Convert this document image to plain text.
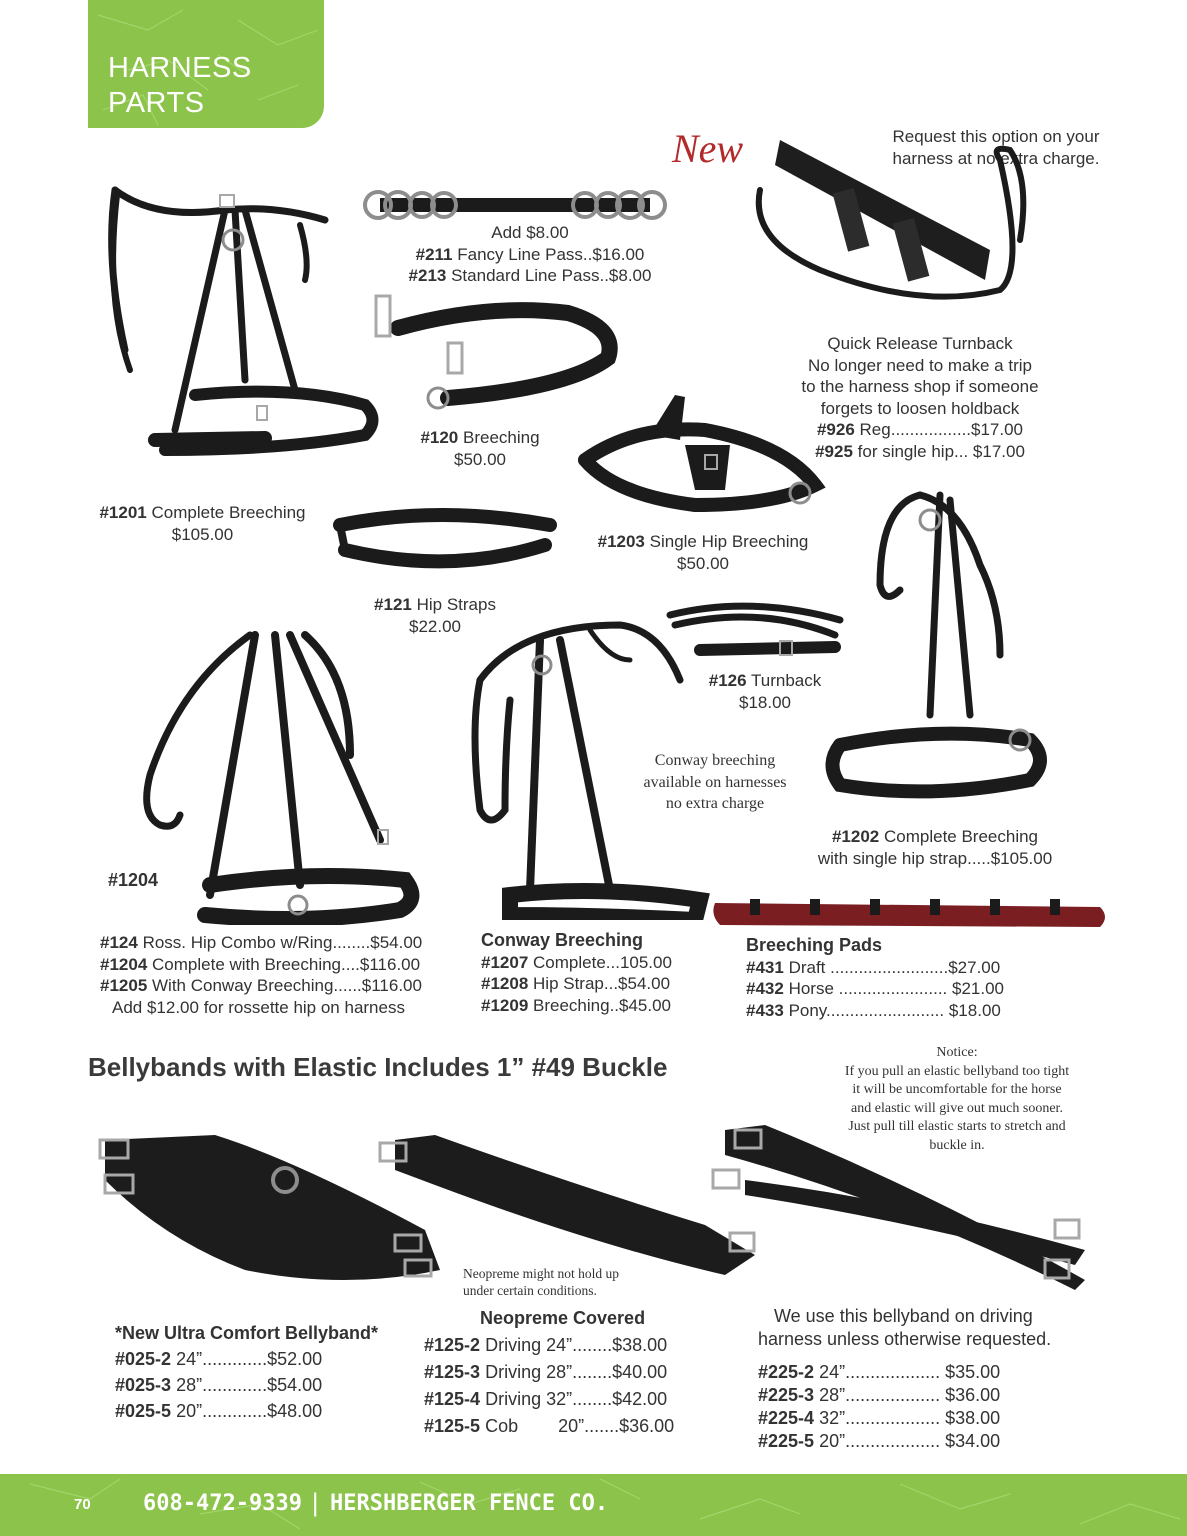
HARNESS
PARTS
New	Request this option on your
harness at no extra charge.
Add $8.00
#211 Fancy Line Pass..$16.00
#213 Standard Line Pass..$8.00
Quick Release Turnback
No longer need to make a trip
to the harness shop if someone
forgets to loosen holdback
#926 Reg.................$17.00
#925 for single hip... $17.00
#120 Breeching
$50.00
#1201 Complete Breeching
$105.00	#1203 Single Hip Breeching
$50.00
#121 Hip Straps
$22.00
#126 Turnback
$18.00
Conway breeching
available on harnesses
no extra charge
#1202 Complete Breeching
with single hip strap.....$105.00
#1204
#124 Ross. Hip Combo w/Ring........$54.00
#1204 Complete with Breeching....$116.00
#1205 With Conway Breeching......$116.00
Add $12.00 for rossette hip on harness
Conway Breeching
#1207 Complete...105.00
#1208 Hip Strap...$54.00
#1209 Breeching..$45.00
Breeching Pads
#431 Draft .........................$27.00
#432 Horse ....................... $21.00
#433 Pony......................... $18.00
Bellybands with Elastic Includes 1” #49 Buckle	Notice:
If you pull an elastic bellyband too tight
it will be uncomfortable for the horse
and elastic will give out much sooner.
Just pull till elastic starts to stretch and
buckle in.
Neopreme might not hold up
under certain conditions.
*New Ultra Comfort Bellyband*
#025-2 24”.............$52.00
#025-3 28”.............$54.00
#025-5 20”.............$48.00
Neopreme Covered
#125-2 Driving 24”........$38.00
#125-3 Driving 28”........$40.00
#125-4 Driving 32”........$42.00
#125-5 Cob        20”.......$36.00
We use this bellyband on driving
harness unless otherwise requested.
#225-2 24”................... $35.00
#225-3 28”................... $36.00
#225-4 32”................... $38.00
#225-5 20”................... $34.00
70 608-472-9339 | HERSHBERGER FENCE CO.
